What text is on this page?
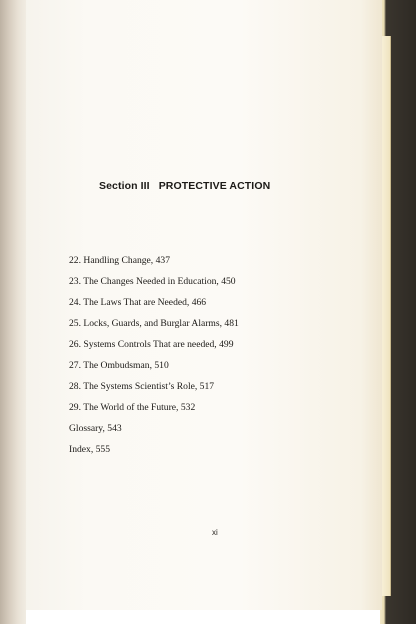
Section III PROTECTIVE ACTION
22. Handling Change, 437
23. The Changes Needed in Education, 450
24. The Laws That are Needed, 466
25. Locks, Guards, and Burglar Alarms, 481
26. Systems Controls That are needed, 499
27. The Ombudsman, 510
28. The Systems Scientist’s Role, 517
29. The World of the Future, 532
Glossary, 543
Index, 555
xi
